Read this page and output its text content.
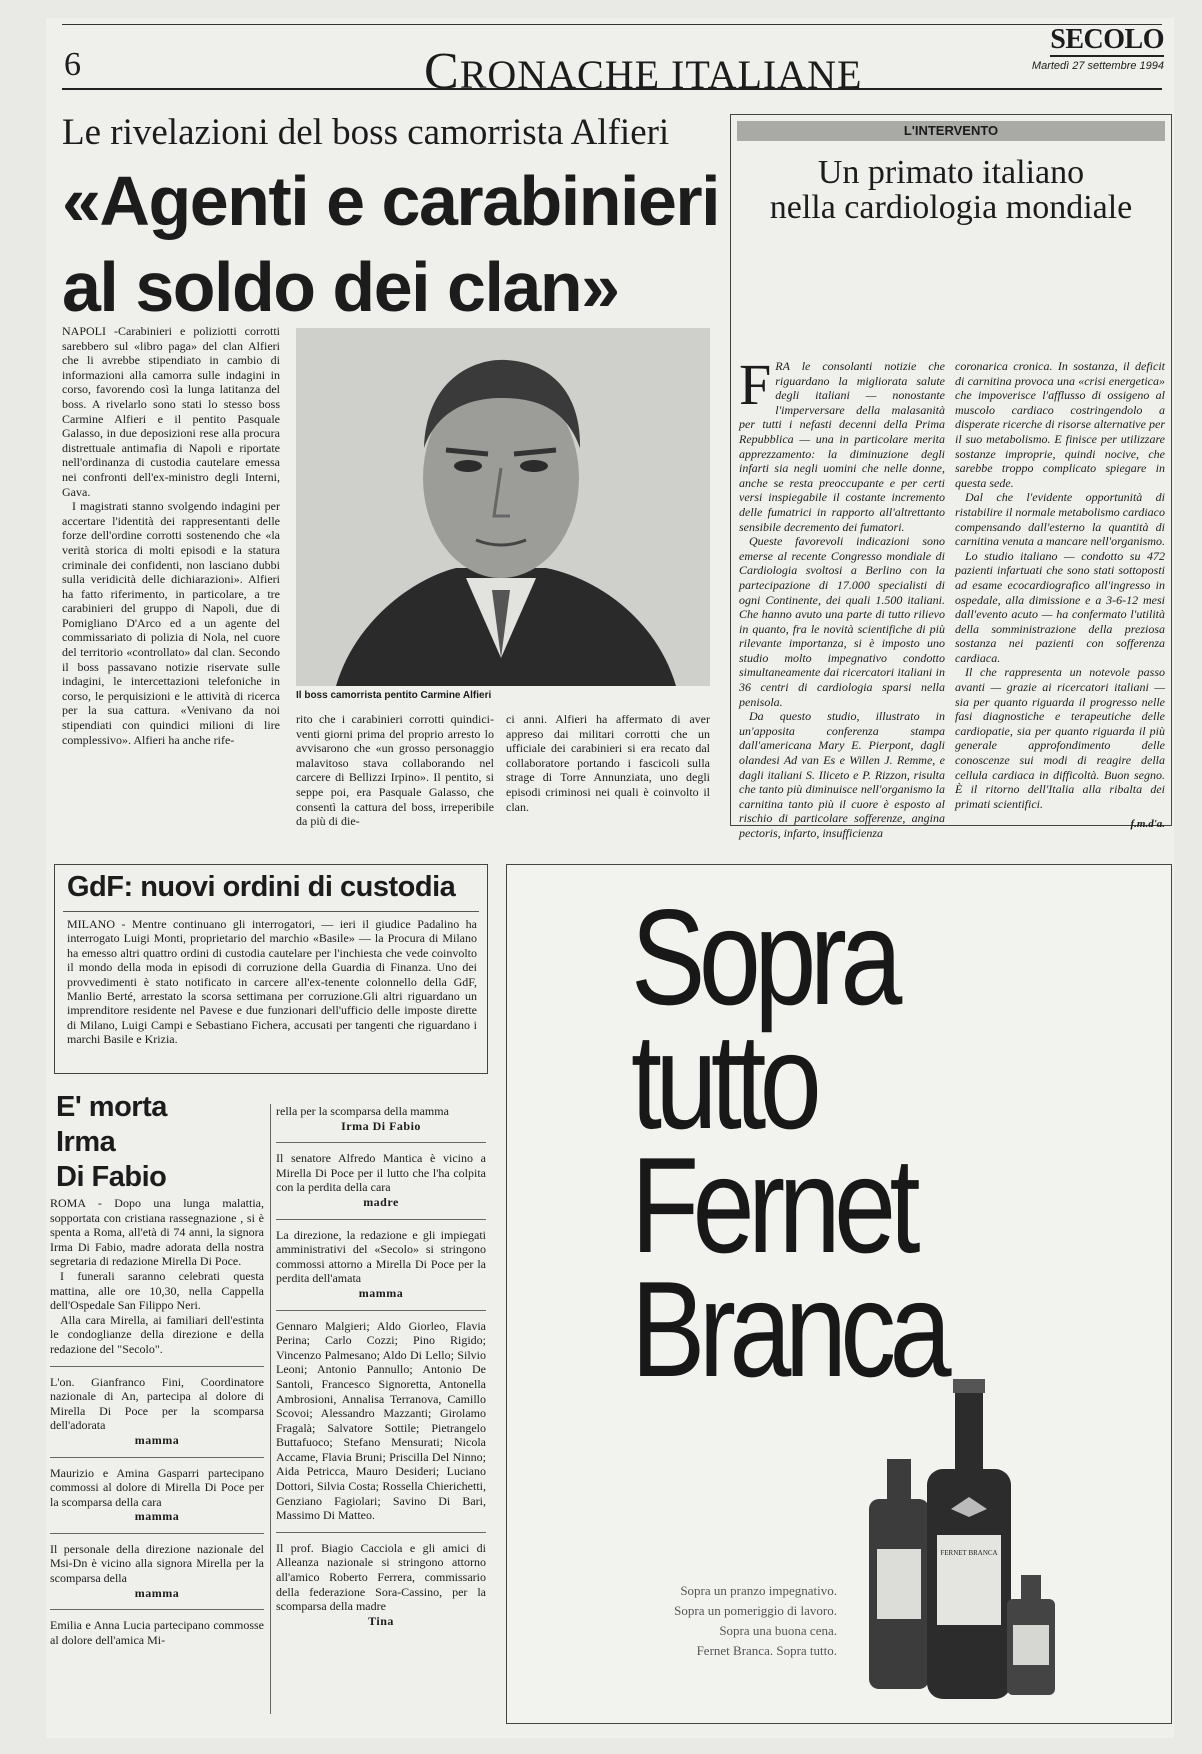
6	CRONACHE ITALIANE
SECOLO
Martedì 27 settembre 1994
Le rivelazioni del boss camorrista Alfieri
«Agenti e carabinieri
al soldo dei clan»

NAPOLI -Carabinieri e poliziotti corrotti sarebbero sul «libro paga» del clan Alfieri che li avrebbe stipendiato in cambio di informazioni alla camorra sulle indagini in corso, favorendo così la lunga latitanza del boss. A rivelarlo sono stati lo stesso boss Carmine Alfieri e il pentito Pasquale Galasso, in due deposizioni rese alla procura distrettuale antimafia di Napoli e riportate nell'ordinanza di custodia cautelare emessa nei confronti dell'ex-ministro degli Interni, Gava.

I magistrati stanno svolgendo indagini per accertare l'identità dei rappresentanti delle forze dell'ordine corrotti sostenendo che «la verità storica di molti episodi e la statura criminale dei confidenti, non lasciano dubbi sulla veridicità delle dichiarazioni». Alfieri ha fatto riferimento, in particolare, a tre carabinieri del gruppo di Napoli, due di Pomigliano D'Arco ed a un agente del commissariato di polizia di Nola, nel cuore del territorio «controllato» dal clan. Secondo il boss passavano notizie riservate sulle indagini, le intercettazioni telefoniche in corso, le perquisizioni e le attività di ricerca per la sua cattura. «Venivano da noi stipendiati con quindici milioni di lire complessivo». Alfieri ha anche rife-

Il boss camorrista pentito Carmine Alfieri

rito che i carabinieri corrotti quindici-venti giorni prima del proprio arresto lo avvisarono che «un grosso personaggio malavitoso stava collaborando nel carcere di Bellizzi Irpino». Il pentito, si seppe poi, era Pasquale Galasso, che consentì la cattura del boss, irreperibile da più di die-

ci anni. Alfieri ha affermato di aver appreso dai militari corrotti che un ufficiale dei carabinieri si era recato dal collaboratore portando i fascicoli sulla strage di Torre Annunziata, uno degli episodi criminosi nei quali è coinvolto il clan.

L'INTERVENTO
Un primato italiano
nella cardiologia mondiale

FRA le consolanti notizie che riguardano la migliorata salute degli italiani — nonostante l'imperversare della malasanità per tutti i nefasti decenni della Prima Repubblica — una in particolare merita apprezzamento: la diminuzione degli infarti sia negli uomini che nelle donne, anche se resta preoccupante e per certi versi inspiegabile il costante incremento delle fumatrici in rapporto all'altrettanto sensibile decremento dei fumatori.

Queste favorevoli indicazioni sono emerse al recente Congresso mondiale di Cardiologia svoltosi a Berlino con la partecipazione di 17.000 specialisti di ogni Continente, dei quali 1.500 italiani. Che hanno avuto una parte di tutto rilievo in quanto, fra le novità scientifiche di più rilevante importanza, si è imposto uno studio molto impegnativo condotto simultaneamente dai ricercatori italiani in 36 centri di cardiologia sparsi nella penisola.

Da questo studio, illustrato in un'apposita conferenza stampa dall'americana Mary E. Pierpont, dagli olandesi Ad van Es e Willen J. Remme, e dagli italiani S. Iliceto e P. Rizzon, risulta che tanto più diminuisce nell'organismo la carnitina tanto più il cuore è esposto al rischio di particolare sofferenze, angina pectoris, infarto, insufficienza

coronarica cronica. In sostanza, il deficit di carnitina provoca una «crisi energetica» che impoverisce l'afflusso di ossigeno al muscolo cardiaco costringendolo a disperate ricerche di risorse alternative per il suo metabolismo. E finisce per utilizzare sostanze improprie, quindi nocive, che sarebbe troppo complicato spiegare in questa sede.

Dal che l'evidente opportunità di ristabilire il normale metabolismo cardiaco compensando dall'esterno la quantità di carnitina venuta a mancare nell'organismo.

Lo studio italiano — condotto su 472 pazienti infartuati che sono stati sottoposti ad esame ecocardiografico all'ingresso in ospedale, alla dimissione e a 3-6-12 mesi dall'evento acuto — ha confermato l'utilità della somministrazione della preziosa sostanza nei pazienti con sofferenza cardiaca.

Il che rappresenta un notevole passo avanti — grazie ai ricercatori italiani — sia per quanto riguarda il progresso nelle fasi diagnostiche e terapeutiche delle cardiopatie, sia per quanto riguarda il più generale approfondimento delle conoscenze sui modi di reagire della cellula cardiaca in difficoltà. Buon segno. È il ritorno dell'Italia alla ribalta dei primati scientifici.

f.m.d'a.
GdF: nuovi ordini di custodia
MILANO - Mentre continuano gli interrogatori, — ieri il giudice Padalino ha interrogato Luigi Monti, proprietario del marchio «Basile» — la Procura di Milano ha emesso altri quattro ordini di custodia cautelare per l'inchiesta che vede coinvolto il mondo della moda in episodi di corruzione della Guardia di Finanza. Uno dei provvedimenti è stato notificato in carcere all'ex-tenente colonnello della GdF, Manlio Berté, arrestato la scorsa settimana per corruzione.Gli altri riguardano un imprenditore residente nel Pavese e due funzionari dell'ufficio delle imposte dirette di Milano, Luigi Campi e Sebastiano Fichera, accusati per tangenti che riguardano i marchi Basile e Krizia.
E' morta
Irma
Di Fabio

ROMA - Dopo una lunga malattia, sopportata con cristiana rassegnazione , si è spenta a Roma, all'età di 74 anni, la signora Irma Di Fabio, madre adorata della nostra segretaria di redazione Mirella Di Poce.

I funerali saranno celebrati questa mattina, alle ore 10,30, nella Cappella dell'Ospedale San Filippo Neri.

Alla cara Mirella, ai familiari dell'estinta le condoglianze della direzione e della redazione del "Secolo".

L'on. Gianfranco Fini, Coordinatore nazionale di An, partecipa al dolore di Mirella Di Poce per la scomparsa dell'adorata

mamma

Maurizio e Amina Gasparri partecipano commossi al dolore di Mirella Di Poce per la scomparsa della cara

mamma

Il personale della direzione nazionale del Msi-Dn è vicino alla signora Mirella per la scomparsa della

mamma

Emilia e Anna Lucia partecipano commosse al dolore dell'amica Mi-

rella per la scomparsa della mamma

Irma Di Fabio

Il senatore Alfredo Mantica è vicino a Mirella Di Poce per il lutto che l'ha colpita con la perdita della cara

madre

La direzione, la redazione e gli impiegati amministrativi del «Secolo» si stringono commossi attorno a Mirella Di Poce per la perdita dell'amata

mamma

Gennaro Malgieri; Aldo Giorleo, Flavia Perina; Carlo Cozzi; Pino Rigido; Vincenzo Palmesano; Aldo Di Lello; Silvio Leoni; Antonio Pannullo; Antonio De Santoli, Francesco Signoretta, Antonella Ambrosioni, Annalisa Terranova, Camillo Scovoi; Alessandro Mazzanti; Girolamo Fragalà; Salvatore Sottile; Pietrangelo Buttafuoco; Stefano Mensurati; Nicola Accame, Flavia Bruni; Priscilla Del Ninno; Aida Petricca, Mauro Desideri; Luciano Dottori, Silvia Costa; Rossella Chierichetti, Genziano Fagiolari; Savino Di Bari, Massimo Di Matteo.

Il prof. Biagio Cacciola e gli amici di Alleanza nazionale si stringono attorno all'amico Roberto Ferrera, commissario della federazione Sora-Cassino, per la scomparsa della madre

Tina

Sopra
tutto
Fernet
Branca
Sopra un pranzo impegnativo.
Sopra un pomeriggio di lavoro.
Sopra una buona cena.
Fernet Branca. Sopra tutto.
FERNET BRANCA
